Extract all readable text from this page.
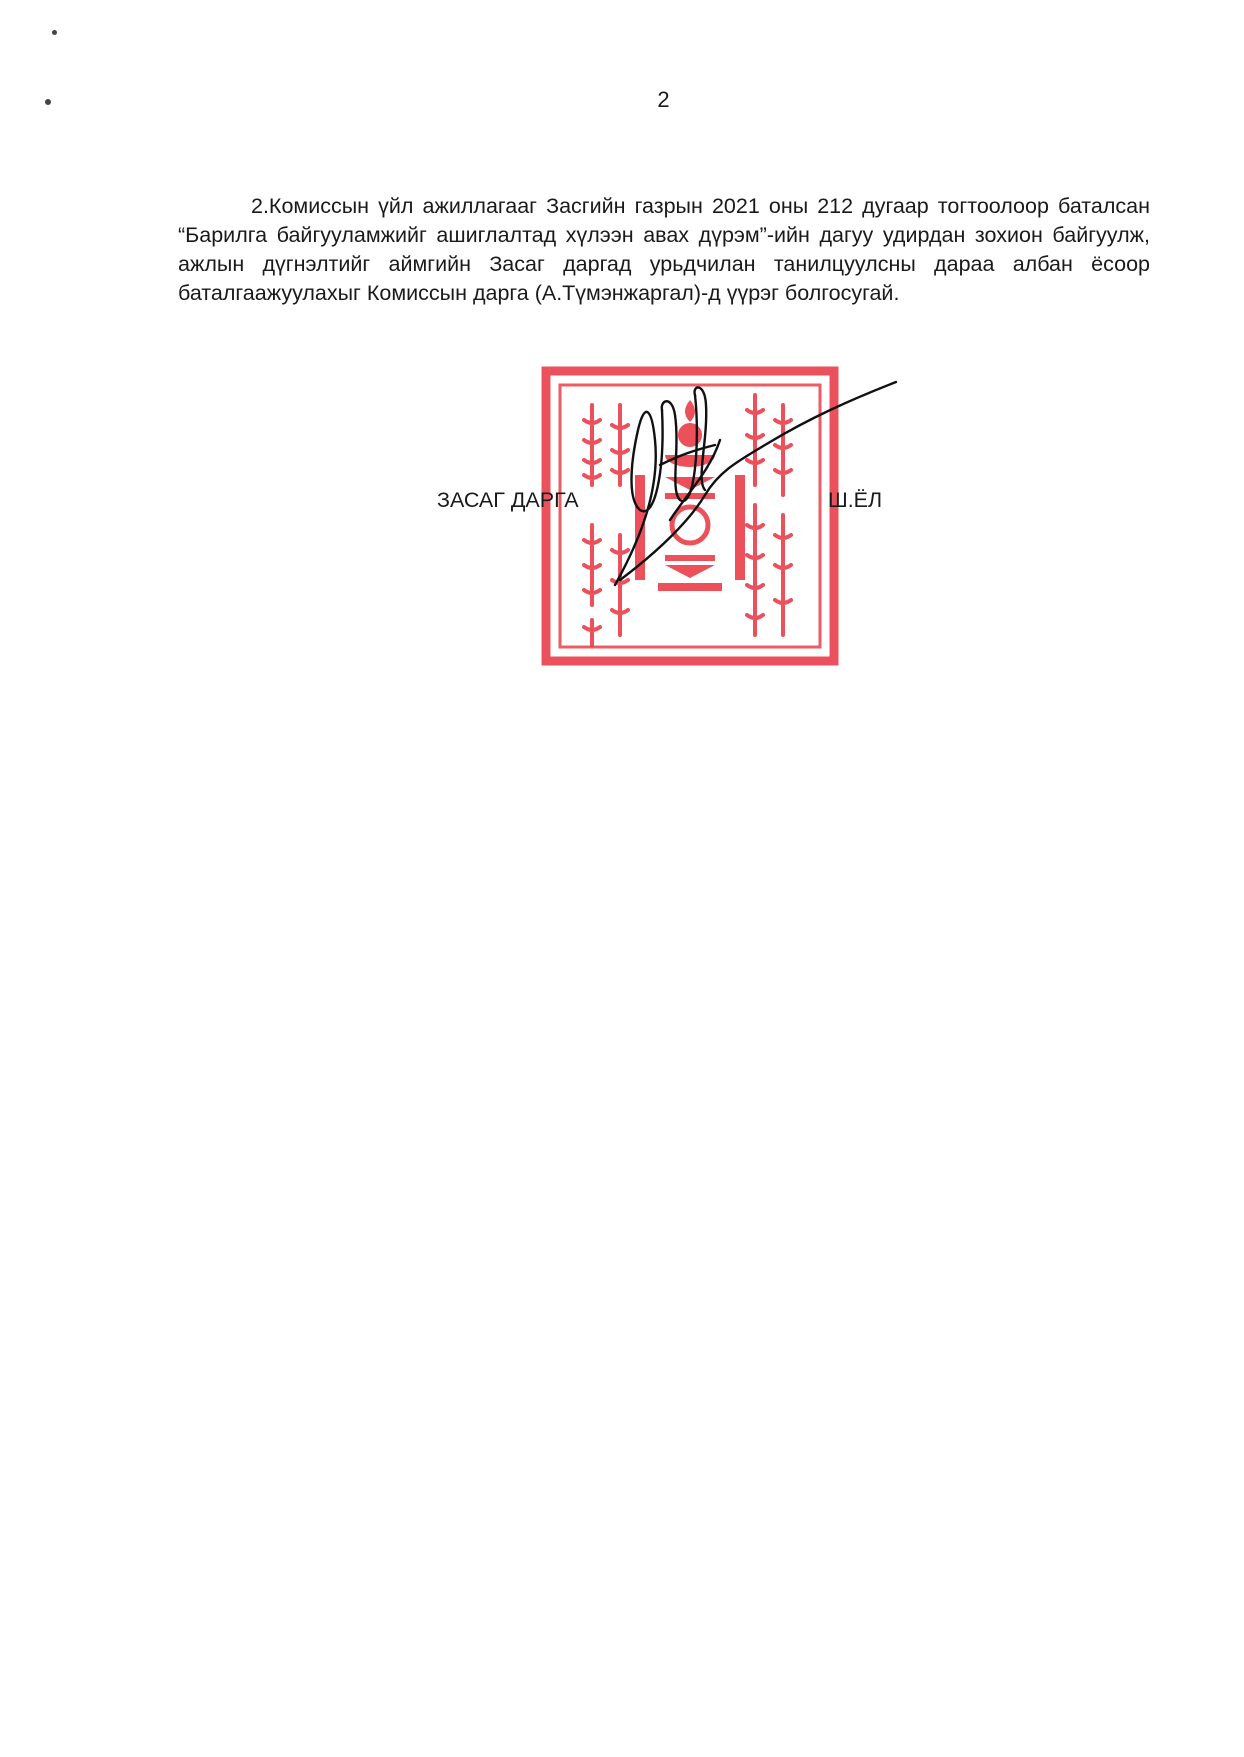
2

2.Комиссын үйл ажиллагааг Засгийн газрын 2021 оны 212 дугаар тогтоолоор баталсан “Барилга байгууламжийг ашиглалтад хүлээн авах дүрэм”-ийн дагуу удирдан зохион байгуулж, ажлын дүгнэлтийг аймгийн Засаг даргад урьдчилан танилцуулсны дараа албан ёсоор баталгаажуулахыг Комиссын дарга (А.Түмэнжаргал)-д үүрэг болгосугай.

ЗАСАГ ДАРГА	Ш.ЁЛ
